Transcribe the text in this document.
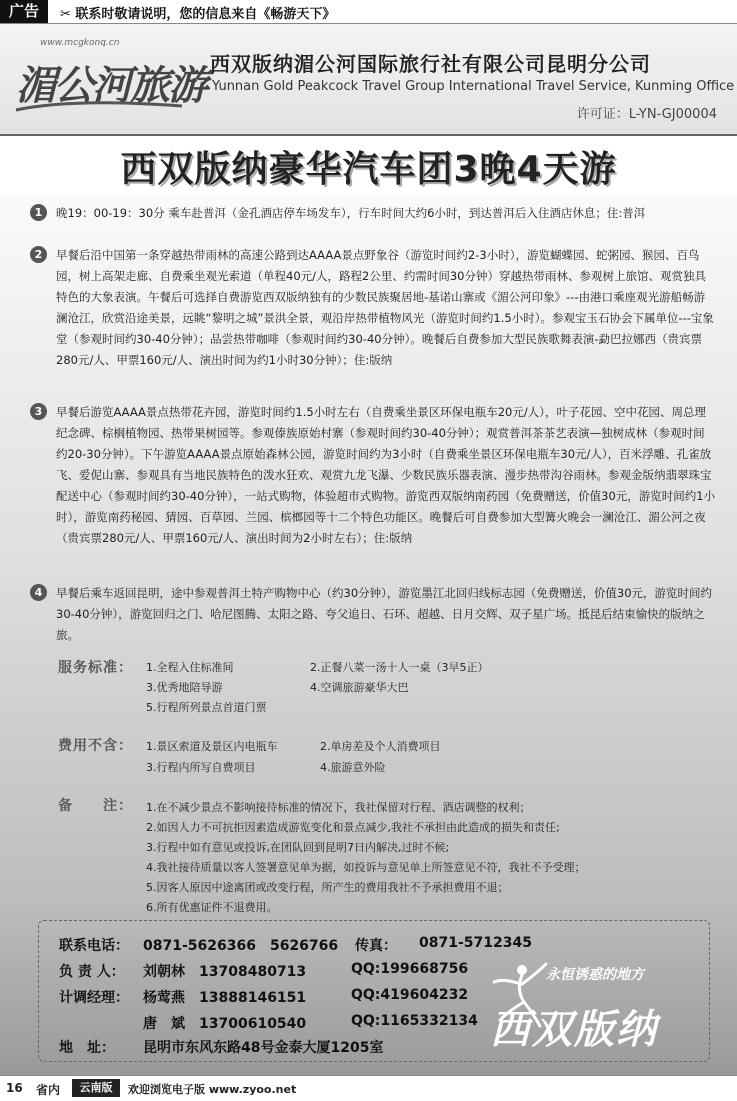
广告	✂ 联系时敬请说明，您的信息来自《畅游天下》
www.mcgkonq.cn
湄公河旅游 西双版纳湄公河国际旅行社有限公司昆明分公司
Yunnan Gold Peakcock Travel Group International Travel Service, Kunming Office
许可证：L-YN-GJ00004
西双版纳豪华汽车团3晚4天游
1	晚19：00-19：30分 乘车赴普洱（金孔酒店停车场发车），行车时间大约6小时，到达普洱后入住酒店休息；住:普洱
2	早餐后沿中国第一条穿越热带雨林的高速公路到达AAAA景点野象谷（游览时间约2-3小时），游览蝴蝶园、蛇粥园、猴园、百鸟园，树上高架走廊、自费乘坐观光索道（单程40元/人，路程2公里、约需时间30分钟）穿越热带雨林、参观树上旅馆、观赏独具特色的大象表演。午餐后可选择自费游览西双版纳独有的少数民族聚居地-基诺山寨或《湄公河印象》---由港口乘座观光游船畅游澜沧江，欣赏沿途美景，远眺“黎明之城”景洪全景，观沿岸热带植物风光（游览时间约1.5小时）。参观宝玉石协会下属单位---宝象堂（参观时间约30-40分钟）；品尝热带咖啡（参观时间约30-40分钟）。晚餐后自费参加大型民族歌舞表演-勐巴拉娜西（贵宾票280元/人、甲票160元/人、演出时间为约1小时30分钟）；住:版纳
3	早餐后游览AAAA景点热带花卉园，游览时间约1.5小时左右（自费乘坐景区环保电瓶车20元/人），叶子花园、空中花园、周总理纪念碑、棕榈植物园、热带果树园等。参观傣族原始村寨（参观时间约30-40分钟）；观赏普洱茶茶艺表演—独树成林（参观时间约20-30分钟）。下午游览AAAA景点原始森林公园，游览时间约为3小时（自费乘坐景区环保电瓶车30元/人），百米浮雕、孔雀放飞、爱伲山寨、参观具有当地民族特色的泼水狂欢、观赏九龙飞瀑、少数民族乐器表演、漫步热带沟谷雨林。参观金版纳翡翠珠宝配送中心（参观时间约30-40分钟），一站式购物，体验超市式购物。游览西双版纳南药园（免费赠送，价值30元，游览时间约1小时），游览南药秘园、猜园、百草园、兰园、槟榔园等十二个特色功能区。晚餐后可自费参加大型篝火晚会一澜沧江、湄公河之夜（贵宾票280元/人、甲票160元/人、演出时间为2小时左右）；住:版纳
4	早餐后乘车返回昆明，途中参观普洱土特产购物中心（约30分钟），游览墨江北回归线标志园（免费赠送，价值30元，游览时间约30-40分钟），游览回归之门、哈尼图腾、太阳之路、夸父追日、石环、超越、日月交辉、双子星广场。抵昆后结束愉快的版纳之旅。
服务标准： 1.全程入住标准间	2.正餐八菜一汤十人一桌（3早5正）
3.优秀地陪导游	4.空调旅游豪华大巴
5.行程所列景点首道门票
费用不含： 1.景区索道及景区内电瓶车	2.单房差及个人消费项目
3.行程内所写自费项目	4.旅游意外险
备　　注： 1.在不减少景点不影响接待标准的情况下，我社保留对行程、酒店调整的权利；
2.如因人力不可抗拒因素造成游览变化和景点减少,我社不承担由此造成的损失和责任;
3.行程中如有意见或投诉,在团队回到昆明7日内解决,过时不候;
4.我社接待质量以客人签署意见单为据，如投诉与意见单上所签意见不符，我社不予受理；
5.因客人原因中途离团或改变行程，所产生的费用我社不予承担费用不退；
6.所有优惠证件不退费用。
联系电话： 0871-5626366　5626766 传真： 0871-5712345
负 责 人： 刘朝林　13708480713	QQ:199668756
计调经理： 杨莺燕　13888146151	QQ:419604232
唐　斌　13700610540	QQ:1165332134
地　址： 昆明市东风东路48号金泰大厦1205室
永恒诱惑的地方
西双版纳
16 省内	云南版	欢迎浏览电子版 www.zyoo.net
